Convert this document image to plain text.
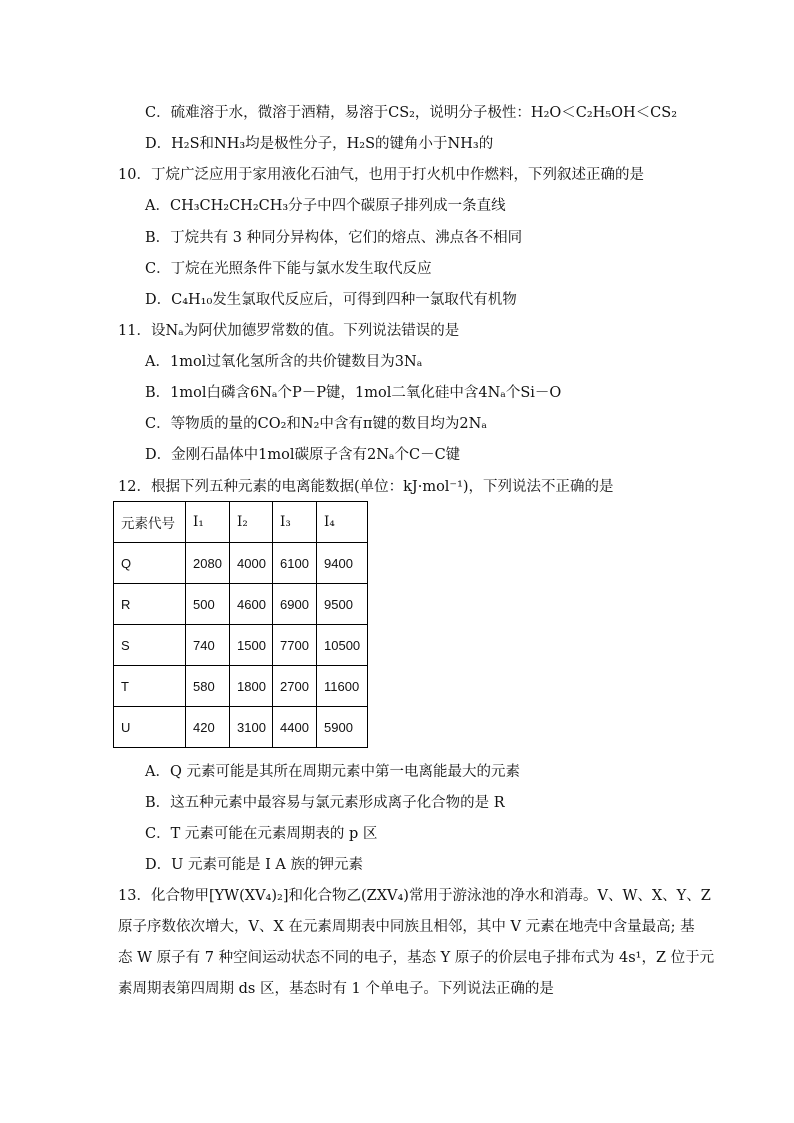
C．硫难溶于水，微溶于酒精，易溶于CS₂，说明分子极性：H₂O＜C₂H₅OH＜CS₂
D．H₂S和NH₃均是极性分子，H₂S的键角小于NH₃的
10．丁烷广泛应用于家用液化石油气，也用于打火机中作燃料，下列叙述正确的是
A．CH₃CH₂CH₂CH₃分子中四个碳原子排列成一条直线
B．丁烷共有 3 种同分异构体，它们的熔点、沸点各不相同
C．丁烷在光照条件下能与氯水发生取代反应
D．C₄H₁₀发生氯取代反应后，可得到四种一氯取代有机物
11．设Nₐ为阿伏加德罗常数的值。下列说法错误的是
A．1mol过氧化氢所含的共价键数目为3Nₐ
B．1mol白磷含6Nₐ个P－P键，1mol二氧化硅中含4Nₐ个Si－O
C．等物质的量的CO₂和N₂中含有π键的数目均为2Nₐ
D．金刚石晶体中1mol碳原子含有2Nₐ个C－C键
12．根据下列五种元素的电离能数据(单位：kJ·mol⁻¹)，下列说法不正确的是
元素代号	I₁	I₂	I₃	I₄
Q	2080	4000	6100	9400
R	500	4600	6900	9500
S	740	1500	7700	10500
T	580	1800	2700	11600
U	420	3100	4400	5900
A．Q 元素可能是其所在周期元素中第一电离能最大的元素
B．这五种元素中最容易与氯元素形成离子化合物的是 R
C．T 元素可能在元素周期表的 p 区
D．U 元素可能是 I A 族的钾元素
13．化合物甲[YW(XV₄)₂]和化合物乙(ZXV₄)常用于游泳池的净水和消毒。V、W、X、Y、Z
原子序数依次增大，V、X 在元素周期表中同族且相邻，其中 V 元素在地壳中含量最高; 基
态 W 原子有 7 种空间运动状态不同的电子，基态 Y 原子的价层电子排布式为 4s¹，Z 位于元
素周期表第四周期 ds 区，基态时有 1 个单电子。下列说法正确的是
